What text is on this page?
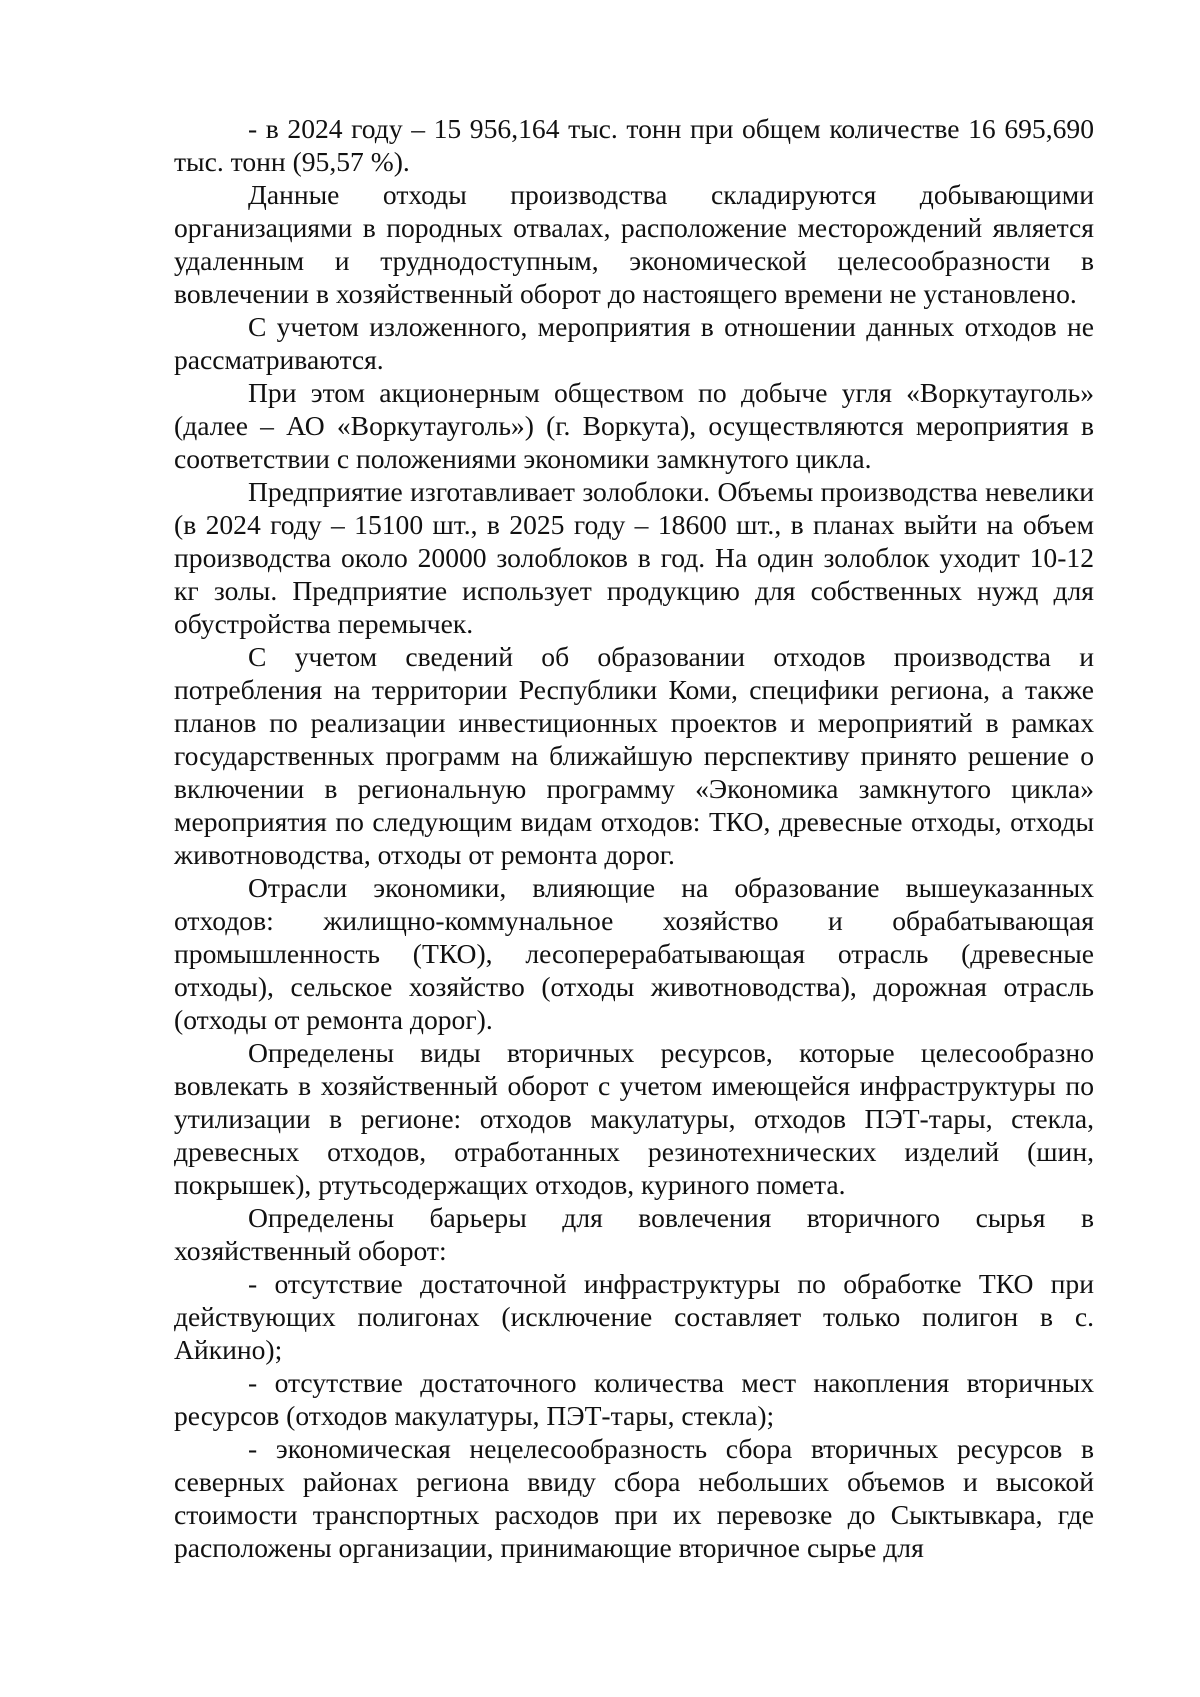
- в 2024 году – 15 956,164 тыс. тонн при общем количестве 16 695,690 тыс. тонн (95,57 %).

Данные отходы производства складируются добывающими организациями в породных отвалах, расположение месторождений является удаленным и труднодоступным, экономической целесообразности в вовлечении в хозяйственный оборот до настоящего времени не установлено.

С учетом изложенного, мероприятия в отношении данных отходов не рассматриваются.

При этом акционерным обществом по добыче угля «Воркутауголь» (далее – АО «Воркутауголь») (г. Воркута), осуществляются мероприятия в соответствии с положениями экономики замкнутого цикла.

Предприятие изготавливает золоблоки. Объемы производства невелики (в 2024 году – 15100 шт., в 2025 году – 18600 шт., в планах выйти на объем производства около 20000 золоблоков в год. На один золоблок уходит 10-12 кг золы. Предприятие использует продукцию для собственных нужд для обустройства перемычек.

С учетом сведений об образовании отходов производства и потребления на территории Республики Коми, специфики региона, а также планов по реализации инвестиционных проектов и мероприятий в рамках государственных программ на ближайшую перспективу принято решение о включении в региональную программу «Экономика замкнутого цикла» мероприятия по следующим видам отходов: ТКО, древесные отходы, отходы животноводства, отходы от ремонта дорог.

Отрасли экономики, влияющие на образование вышеуказанных отходов: жилищно-коммунальное хозяйство и обрабатывающая промышленность (ТКО), лесоперерабатывающая отрасль (древесные отходы), сельское хозяйство (отходы животноводства), дорожная отрасль (отходы от ремонта дорог).

Определены виды вторичных ресурсов, которые целесообразно вовлекать в хозяйственный оборот с учетом имеющейся инфраструктуры по утилизации в регионе: отходов макулатуры, отходов ПЭТ-тары, стекла, древесных отходов, отработанных резинотехнических изделий (шин, покрышек), ртутьсодержащих отходов, куриного помета.

Определены барьеры для вовлечения вторичного сырья в хозяйственный оборот:

- отсутствие достаточной инфраструктуры по обработке ТКО при действующих полигонах (исключение составляет только полигон в с. Айкино);

- отсутствие достаточного количества мест накопления вторичных ресурсов (отходов макулатуры, ПЭТ-тары, стекла);

- экономическая нецелесообразность сбора вторичных ресурсов в северных районах региона ввиду сбора небольших объемов и высокой стоимости транспортных расходов при их перевозке до Сыктывкара, где расположены организации, принимающие вторичное сырье для
